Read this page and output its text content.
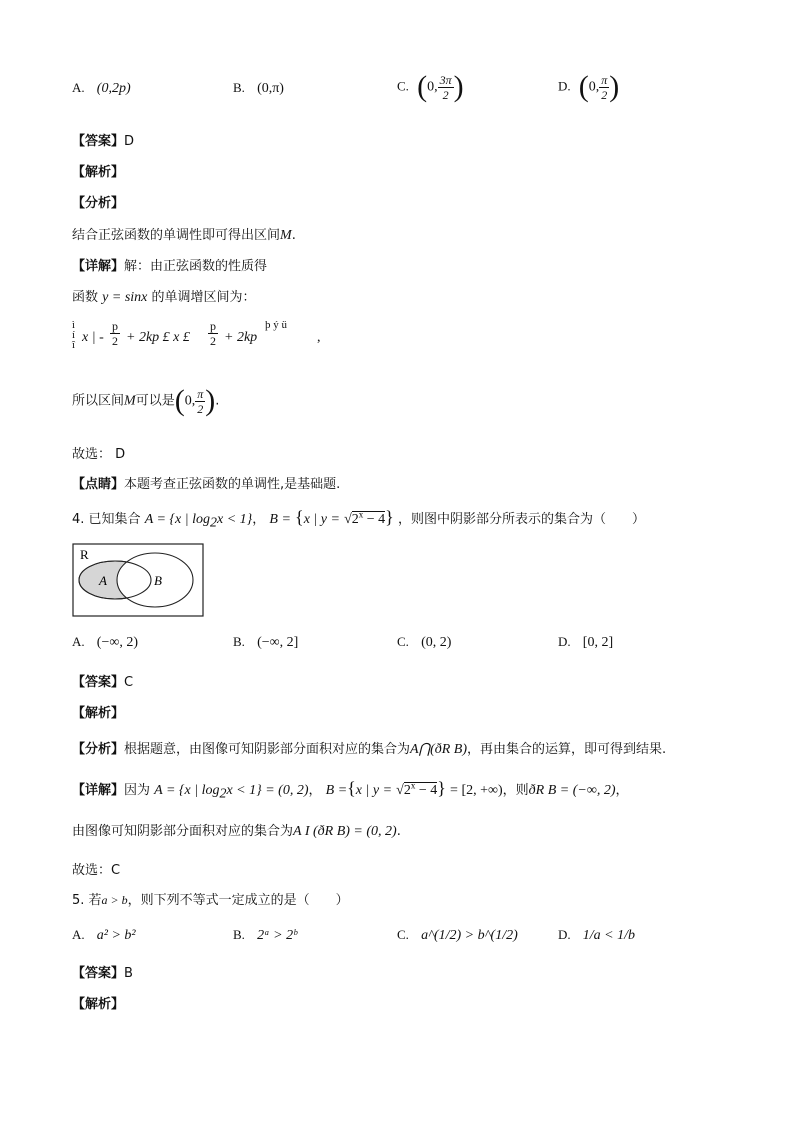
A. (0,2p)	B. (0,π)	C. (0, $\frac{3\pi}{2}$ )	D. (0, $\frac{\pi}{2}$ )
【答案】D
【解析】
【分析】
结合正弦函数的单调性即可得出区间M.
【详解】解：由正弦函数的性质得
函数 y = sinx 的单调增区间为：
ì
í
î x | - $\frac{p}{2} + 2kp$ £ x £ $\frac{p}{2} + 2kp$
þ ý ü
,
所以区间M可以是(0, $\frac{\pi}{2}$ ).
故选： D
【点睛】本题考查正弦函数的单调性,是基础题.
4. 已知集合 A = {x | $\log_2x < 1$}， B = {x | $y = √2^x - 4$} ，则图中阴影部分所表示的集合为（　　）
R
A	B
A. (−∞, 2)	B. (−∞, 2]	C. (0, 2)	D. [0, 2]
【答案】C
【解析】
【分析】根据题意，由图像可知阴影部分面积对应的集合为A⋂(ðR B)，再由集合的运算，即可得到结果.
【详解】因为 A = {x | $\log_2x < 1\} = (0$, 2)， B ={x | $y = √2^x - 4\} = [2$, +∞)，则ðR B = (−∞, 2)，
由图像可知阴影部分面积对应的集合为A I (ðR B) = (0, 2).
故选：C
5. 若a > b，则下列不等式一定成立的是（　　）
A. a² > b²	B. 2ᵃ > 2ᵇ	C. a^(1/2) > b^(1/2)	D. 1/a < 1/b
【答案】B
【解析】
